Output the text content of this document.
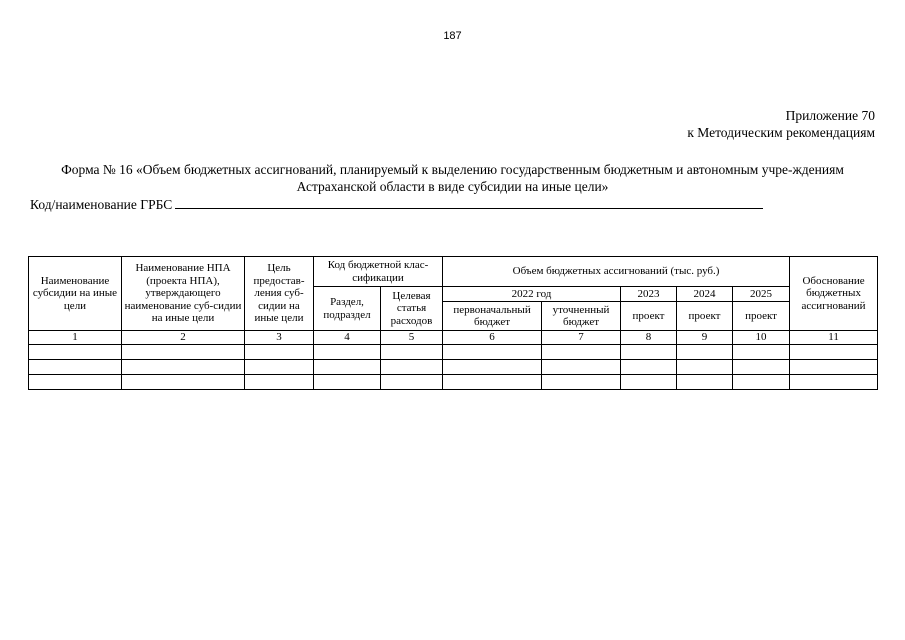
187
Приложение 70
к Методическим рекомендациям
Форма № 16 «Объем бюджетных ассигнований, планируемый к выделению государственным бюджетным и автономным учре-ждениям Астраханской области в виде субсидии на иные цели»
Код/наименование ГРБС
Наименование субсидии на иные цели	Наименование НПА (проекта НПА), утверждающего наименование суб-сидии на иные цели	Цель предостав-ления суб-сидии на иные цели	Код бюджетной клас-сификации		Объем бюджетных ассигнований (тыс. руб.)					Обоснование бюджетных ассигнований
			Раздел, подраздел	Целевая статья расходов	2022 год		2023	2024	2025	
					первоначальный бюджет	уточненный бюджет	проект	проект	проект	
1	2	3	4	5	6	7	8	9	10	11
